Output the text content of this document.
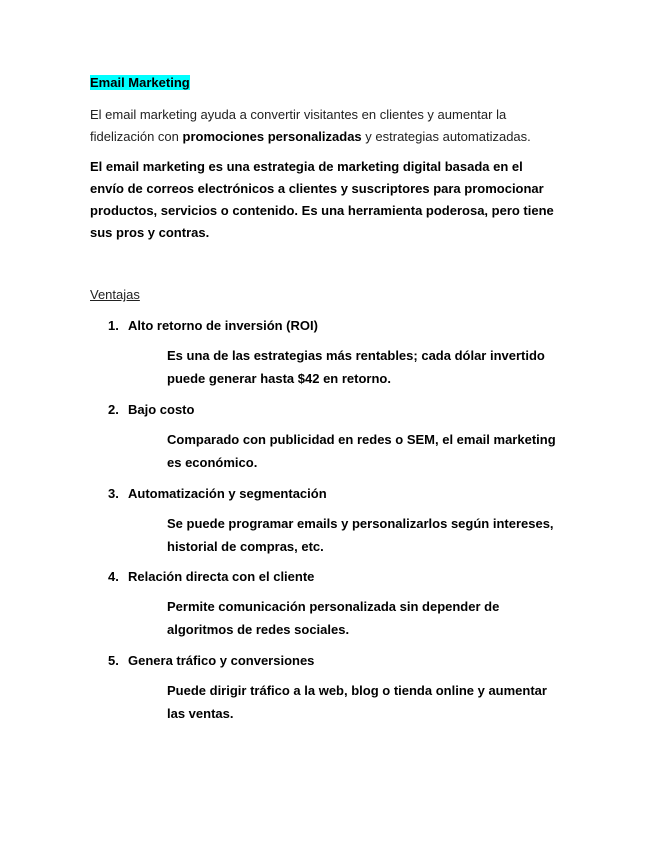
Email Marketing
El email marketing ayuda a convertir visitantes en clientes y aumentar la fidelización con promociones personalizadas y estrategias automatizadas.
El email marketing es una estrategia de marketing digital basada en el envío de correos electrónicos a clientes y suscriptores para promocionar productos, servicios o contenido. Es una herramienta poderosa, pero tiene sus pros y contras.
Ventajas
1. Alto retorno de inversión (ROI)
Es una de las estrategias más rentables; cada dólar invertido puede generar hasta $42 en retorno.
2. Bajo costo
Comparado con publicidad en redes o SEM, el email marketing es económico.
3. Automatización y segmentación
Se puede programar emails y personalizarlos según intereses, historial de compras, etc.
4. Relación directa con el cliente
Permite comunicación personalizada sin depender de algoritmos de redes sociales.
5. Genera tráfico y conversiones
Puede dirigir tráfico a la web, blog o tienda online y aumentar las ventas.
